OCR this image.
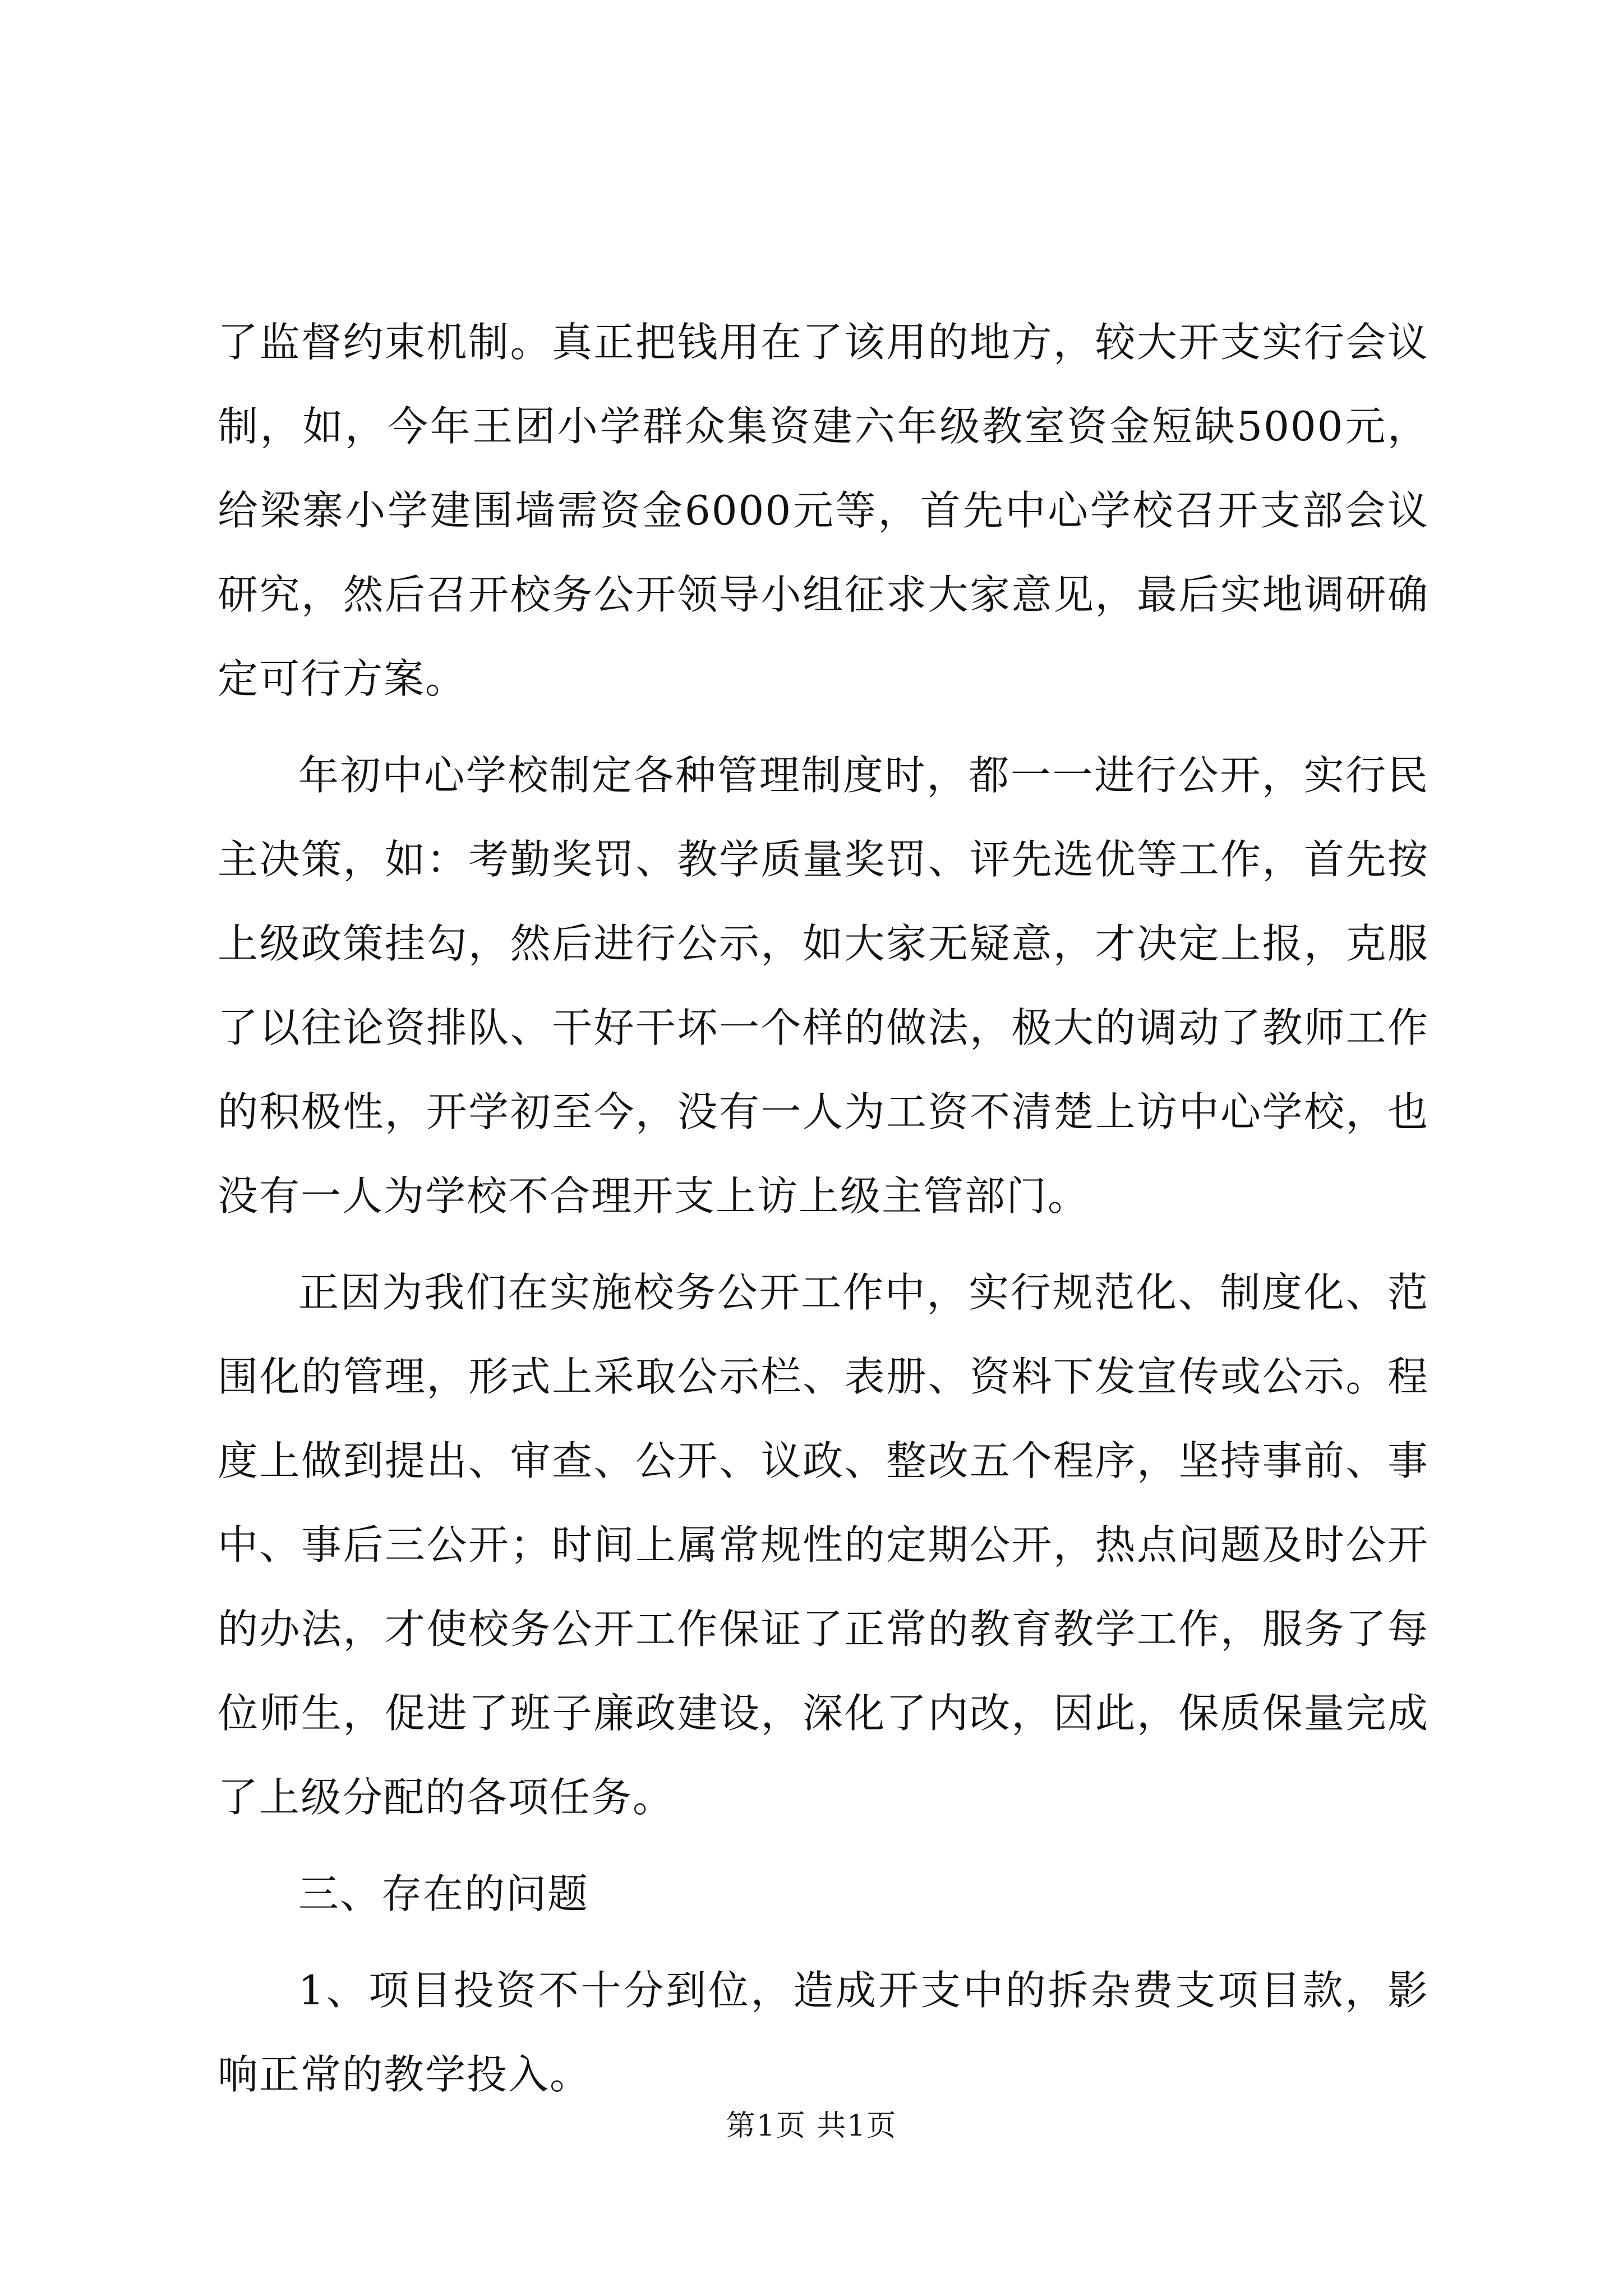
了监督约束机制。真正把钱用在了该用的地方，较大开支实行会议制，如，今年王团小学群众集资建六年级教室资金短缺5000元，给梁寨小学建围墙需资金6000元等，首先中心学校召开支部会议研究，然后召开校务公开领导小组征求大家意见，最后实地调研确定可行方案。

年初中心学校制定各种管理制度时，都一一进行公开，实行民主决策，如：考勤奖罚、教学质量奖罚、评先选优等工作，首先按上级政策挂勾，然后进行公示，如大家无疑意，才决定上报，克服了以往论资排队、干好干坏一个样的做法，极大的调动了教师工作的积极性，开学初至今，没有一人为工资不清楚上访中心学校，也没有一人为学校不合理开支上访上级主管部门。

正因为我们在实施校务公开工作中，实行规范化、制度化、范围化的管理，形式上采取公示栏、表册、资料下发宣传或公示。程度上做到提出、审查、公开、议政、整改五个程序，坚持事前、事中、事后三公开；时间上属常规性的定期公开，热点问题及时公开的办法，才使校务公开工作保证了正常的教育教学工作，服务了每位师生，促进了班子廉政建设，深化了内改，因此，保质保量完成了上级分配的各项任务。

三、存在的问题

1、项目投资不十分到位，造成开支中的拆杂费支项目款，影响正常的教学投入。

第1页 共1页
